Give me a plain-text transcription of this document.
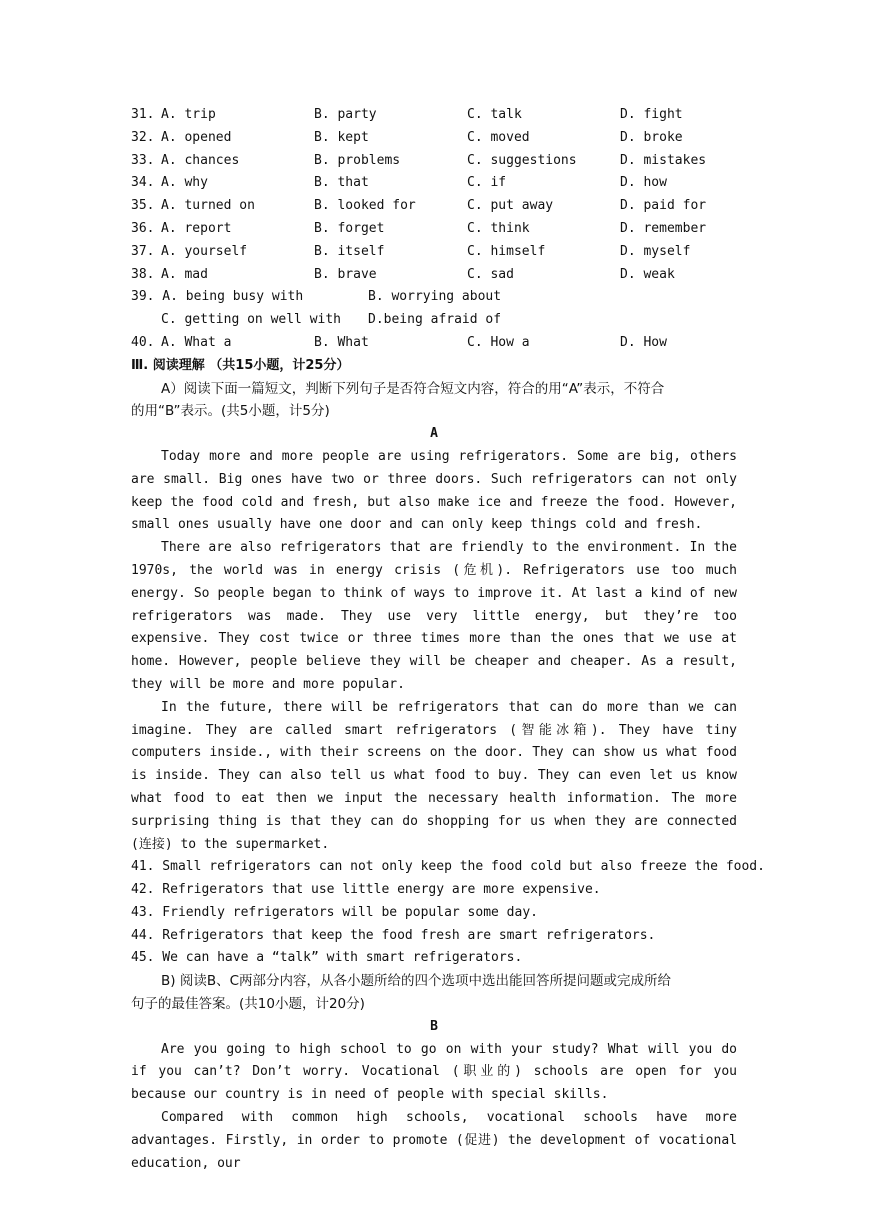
31. A. trip	B. party	C. talk	D. fight
32. A. opened	B. kept	C. moved	D. broke
33. A. chances	B. problems	C. suggestions	D. mistakes
34. A. why	B. that	C. if	D. how
35. A. turned on	B. looked for	C. put away	D. paid for
36. A. report	B. forget	C. think	D. remember
37. A. yourself	B. itself	C. himself	D. myself
38. A. mad	B. brave	C. sad	D. weak
39. A. being busy with	B. worrying about
C. getting on well with D.being afraid of
40. A. What a	B. What	C. How a	D. How
Ⅲ. 阅读理解 （共15小题，计25分）

A）阅读下面一篇短文，判断下列句子是否符合短文内容，符合的用“A”表示，不符合

的用“B”表示。(共5小题，计5分)

A

Today more and more people are using refrigerators. Some are big, others are small. Big ones have two or three doors. Such refrigerators can not only keep the food cold and fresh, but also make ice and freeze the food. However, small ones usually have one door and can only keep things cold and fresh.

There are also refrigerators that are friendly to the environment. In the 1970s, the world was in energy crisis (危机). Refrigerators use too much energy. So people began to think of ways to improve it. At last a kind of new refrigerators was made. They use very little energy, but they’re too expensive. They cost twice or three times more than the ones that we use at home. However, people believe they will be cheaper and cheaper. As a result, they will be more and more popular.

In the future, there will be refrigerators that can do more than we can imagine. They are called smart refrigerators (智能冰箱). They have tiny computers inside., with their screens on the door. They can show us what food is inside. They can also tell us what food to buy. They can even let us know what food to eat then we input the necessary health information. The more surprising thing is that they can do shopping for us when they are connected (连接) to the supermarket.

41. Small refrigerators can not only keep the food cold but also freeze the food.

42. Refrigerators that use little energy are more expensive.

43. Friendly refrigerators will be popular some day.

44. Refrigerators that keep the food fresh are smart refrigerators.

45. We can have a “talk” with smart refrigerators.

B) 阅读B、C两部分内容，从各小题所给的四个选项中选出能回答所提问题或完成所给

句子的最佳答案。(共10小题，计20分)

B

Are you going to high school to go on with your study? What will you do if you can’t? Don’t worry. Vocational (职业的) schools are open for you because our country is in need of people with special skills.

Compared with common high schools, vocational schools have more advantages. Firstly, in order to promote (促进) the development of vocational education, our
